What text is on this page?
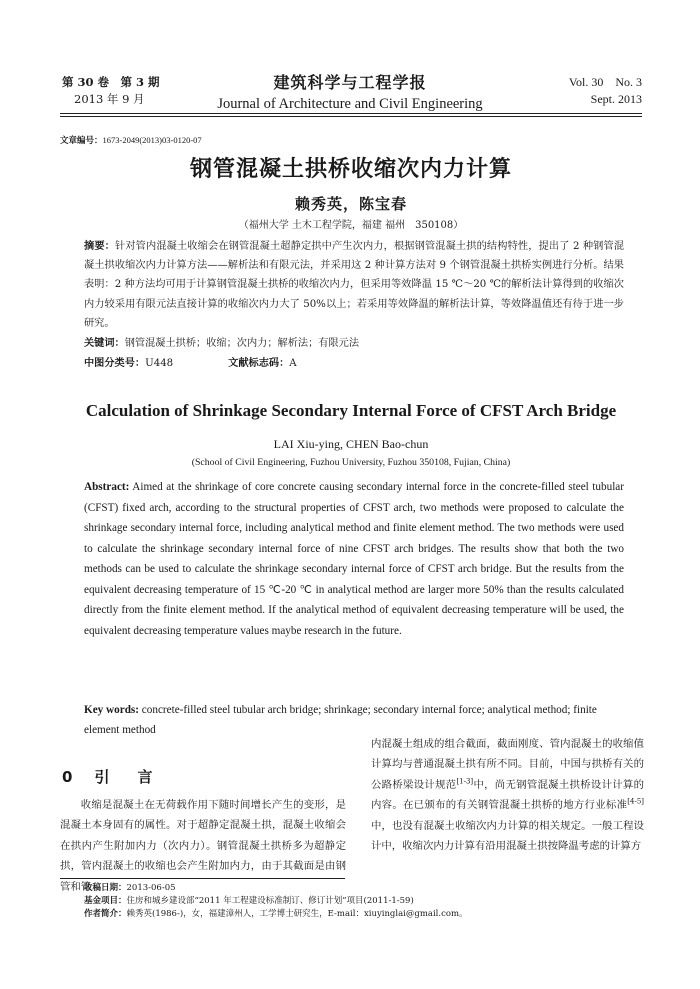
第 30 卷　第 3 期
2013 年 9 月
建筑科学与工程学报
Journal of Architecture and Civil Engineering
Vol. 30　No. 3
Sept. 2013
文章编号：1673-2049(2013)03-0120-07
钢管混凝土拱桥收缩次内力计算
赖秀英，陈宝春
（福州大学 土木工程学院，福建 福州　350108）
摘要：针对管内混凝土收缩会在钢管混凝土超静定拱中产生次内力，根据钢管混凝土拱的结构特性，提出了 2 种钢管混凝土拱收缩次内力计算方法——解析法和有限元法，并采用这 2 种计算方法对 9 个钢管混凝土拱桥实例进行分析。结果表明：2 种方法均可用于计算钢管混凝土拱桥的收缩次内力，但采用等效降温 15 ℃～20 ℃的解析法计算得到的收缩次内力较采用有限元法直接计算的收缩次内力大了 50%以上；若采用等效降温的解析法计算，等效降温值还有待于进一步研究。
关键词：钢管混凝土拱桥；收缩；次内力；解析法；有限元法
中图分类号：U448	文献标志码：A
Calculation of Shrinkage Secondary Internal Force of CFST Arch Bridge
LAI Xiu-ying, CHEN Bao-chun
(School of Civil Engineering, Fuzhou University, Fuzhou 350108, Fujian, China)
Abstract: Aimed at the shrinkage of core concrete causing secondary internal force in the concrete-filled steel tubular (CFST) fixed arch, according to the structural properties of CFST arch, two methods were proposed to calculate the shrinkage secondary internal force, including analytical method and finite element method. The two methods were used to calculate the shrinkage secondary internal force of nine CFST arch bridges. The results show that both the two methods can be used to calculate the shrinkage secondary internal force of CFST arch bridge. But the results from the equivalent decreasing temperature of 15 ℃-20 ℃ in analytical method are larger more 50% than the results calculated directly from the finite element method. If the analytical method of equivalent decreasing temperature will be used, the equivalent decreasing temperature values maybe research in the future.
Key words: concrete-filled steel tubular arch bridge; shrinkage; secondary internal force; analytical method; finite element method
0 引 言

收缩是混凝土在无荷载作用下随时间增长产生的变形，是混凝土本身固有的属性。对于超静定混凝土拱，混凝土收缩会在拱内产生附加内力（次内力）。钢管混凝土拱桥多为超静定拱，管内混凝土的收缩也会产生附加内力，由于其截面是由钢管和管

内混凝土组成的组合截面，截面刚度、管内混凝土的收缩值计算均与普通混凝土拱有所不同。目前，中国与拱桥有关的公路桥梁设计规范[1-3]中，尚无钢管混凝土拱桥设计计算的内容。在已颁布的有关钢管混凝土拱桥的地方行业标准[4-5]中，也没有混凝土收缩次内力计算的相关规定。一般工程设计中，收缩次内力计算有沿用混凝土拱按降温考虑的计算方

收稿日期：2013-06-05
基金项目：住房和城乡建设部“2011 年工程建设标准制订、修订计划”项目(2011-1-59)
作者简介：赖秀英(1986-)，女，福建漳州人，工学博士研究生，E-mail：xiuyinglai@gmail.com。
